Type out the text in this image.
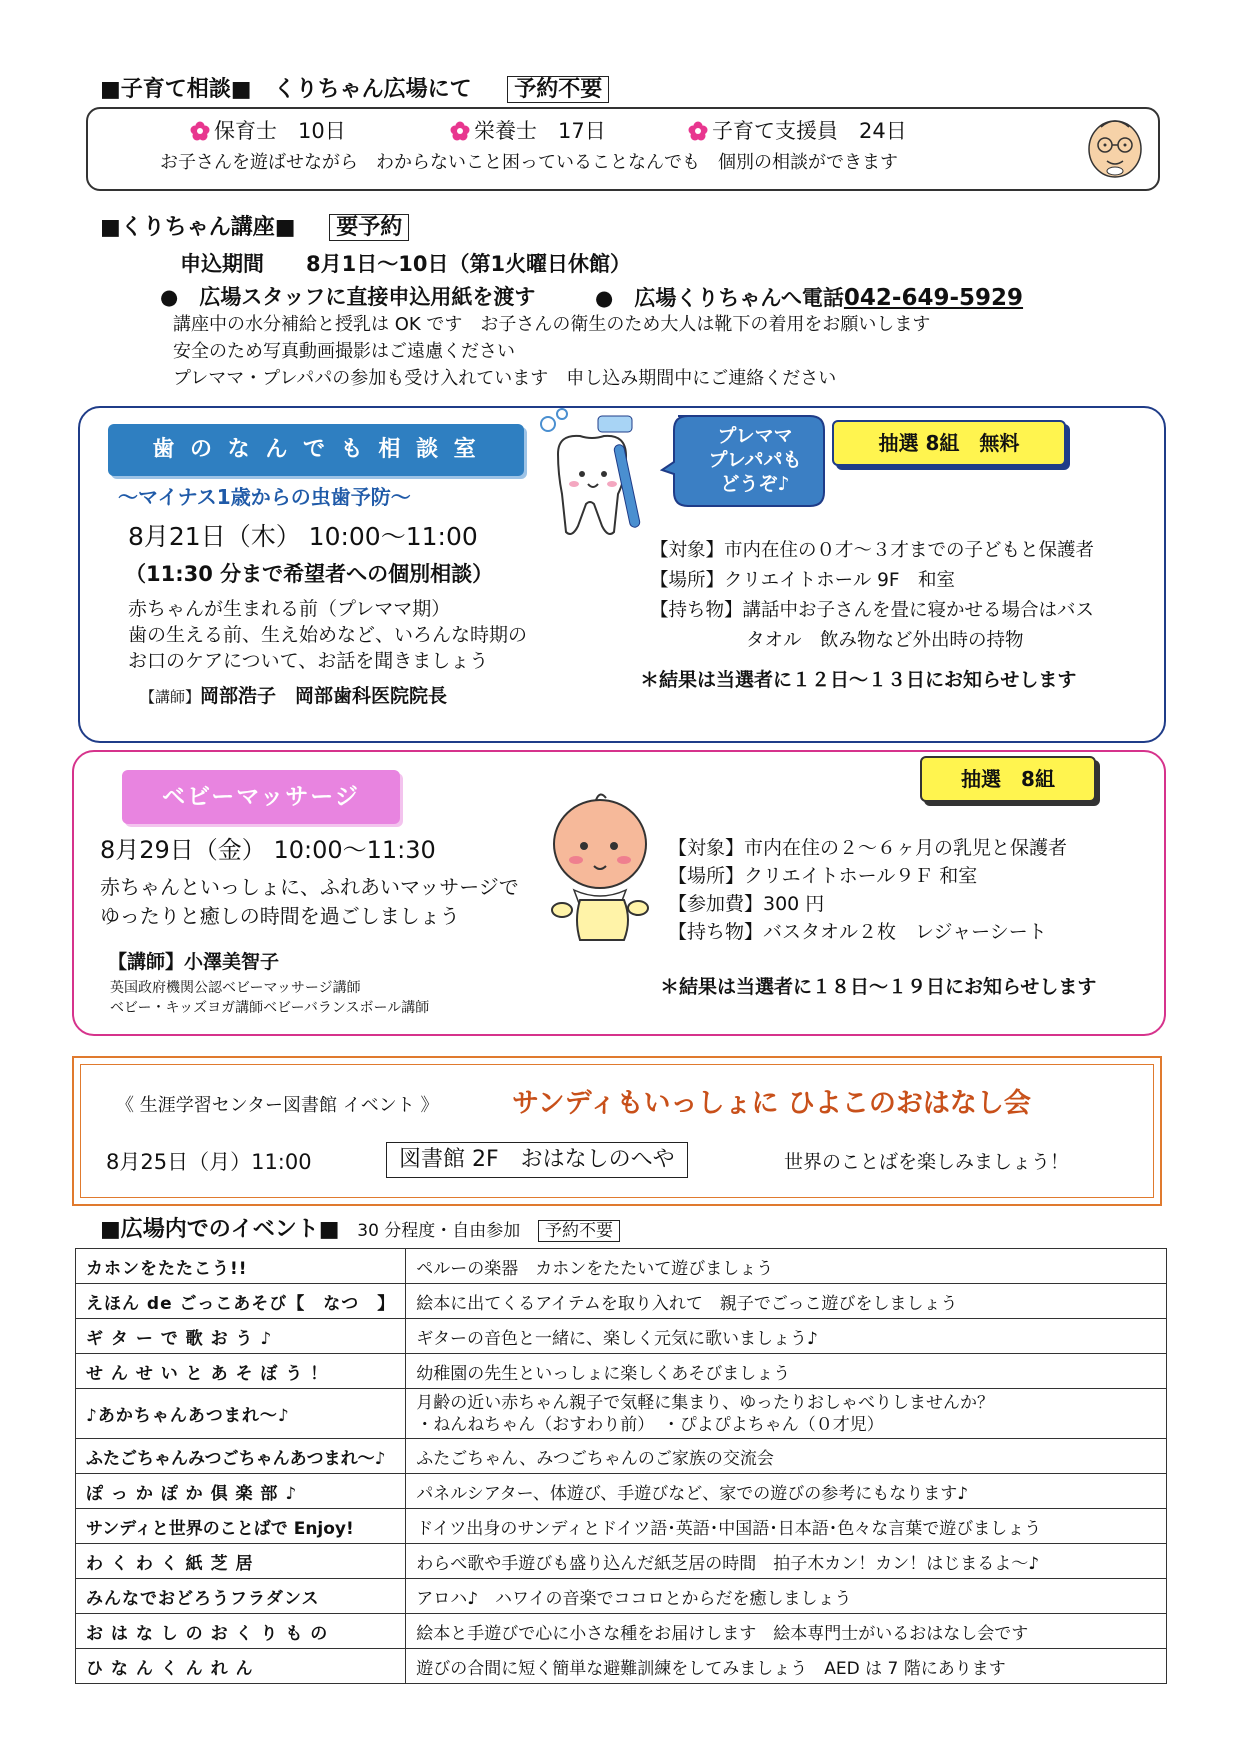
■子育て相談■　くりちゃん広場にて 予約不要
保育士　 10日	栄養士　 17日	子育て支援員　 24日
お子さんを遊ばせながら　わからないこと困っていることなんでも　個別の相談ができます
■くりちゃん講座■ 要予約
申込期間　　8月1日～10日（第1火曜日休館）
●　広場スタッフに直接申込用紙を渡す	●　広場くりちゃんへ電話042-649-5929
講座中の水分補給と授乳は OK です　お子さんの衛生のため大人は靴下の着用をお願いします
安全のため写真動画撮影はご遠慮ください
プレママ・プレパパの参加も受け入れています　申し込み期間中にご連絡ください
歯 の な ん で も 相 談 室
～マイナス1歳からの虫歯予防～
プレママ
プレパパも
どうぞ♪
抽選 8組　無料
8月21日（木） 10:00～11:00
（11:30 分まで希望者への個別相談）
赤ちゃんが生まれる前（プレママ期）
歯の生える前、生え始めなど、いろんな時期の
お口のケアについて、お話を聞きましょう
【講師】岡部浩子　岡部歯科医院院長
【対象】市内在住の０才～３才までの子どもと保護者
【場所】クリエイトホール 9F　和室
【持ち物】講話中お子さんを畳に寝かせる場合はバス
タオル　飲み物など外出時の持物
＊結果は当選者に１２日～１３日にお知らせします
ベビーマッサージ
抽選　8組
8月29日（金） 10:00～11:30
赤ちゃんといっしょに、ふれあいマッサージで
ゆったりと癒しの時間を過ごしましょう
【講師】小澤美智子
英国政府機関公認ベビーマッサージ講師
ベビー・キッズヨガ講師ベビーバランスボール講師
【対象】市内在住の２～６ヶ月の乳児と保護者
【場所】クリエイトホール９Ｆ 和室
【参加費】300 円
【持ち物】バスタオル２枚　レジャーシート
＊結果は当選者に１８日～１９日にお知らせします
《 生涯学習センター図書館 イベント 》	サンディもいっしょに ひよこのおはなし会
8月25日（月）11:00	図書館 2F　おはなしのへや	世界のことばを楽しみましょう！
■広場内でのイベント■ 30 分程度・自由参加 予約不要
カホンをたたこう!!	ペルーの楽器　カホンをたたいて遊びましょう
えほん de ごっこあそび【　なつ　】	絵本に出てくるアイテムを取り入れて　親子でごっこ遊びをしましょう
ギ タ ー で 歌 お う ♪	ギターの音色と一緒に、楽しく元気に歌いましょう♪
せ ん せ い と あ そ ぼ う ！	幼稚園の先生といっしょに楽しくあそびましょう
♪あかちゃんあつまれ～♪	月齢の近い赤ちゃん親子で気軽に集まり、ゆったりおしゃべりしませんか？
・ねんねちゃん（おすわり前）　・ぴよぴよちゃん（０才児）

ふたごちゃんみつごちゃんあつまれ～♪	ふたごちゃん、みつごちゃんのご家族の交流会
ぽ っ か ぽ か 倶 楽 部 ♪	パネルシアター、体遊び、手遊びなど、家での遊びの参考にもなります♪
サンディと世界のことばで Enjoy!	ドイツ出身のサンディとドイツ語･英語･中国語･日本語･色々な言葉で遊びましょう
わ く わ く 紙 芝 居	わらべ歌や手遊びも盛り込んだ紙芝居の時間　拍子木カン！カン！はじまるよ～♪
みんなでおどろうフラダンス	アロハ♪　ハワイの音楽でココロとからだを癒しましょう
お は な し の お く り も の	絵本と手遊びで心に小さな種をお届けします　絵本専門士がいるおはなし会です
ひ な ん く ん れ ん	遊びの合間に短く簡単な避難訓練をしてみましょう　AED は 7 階にあります
